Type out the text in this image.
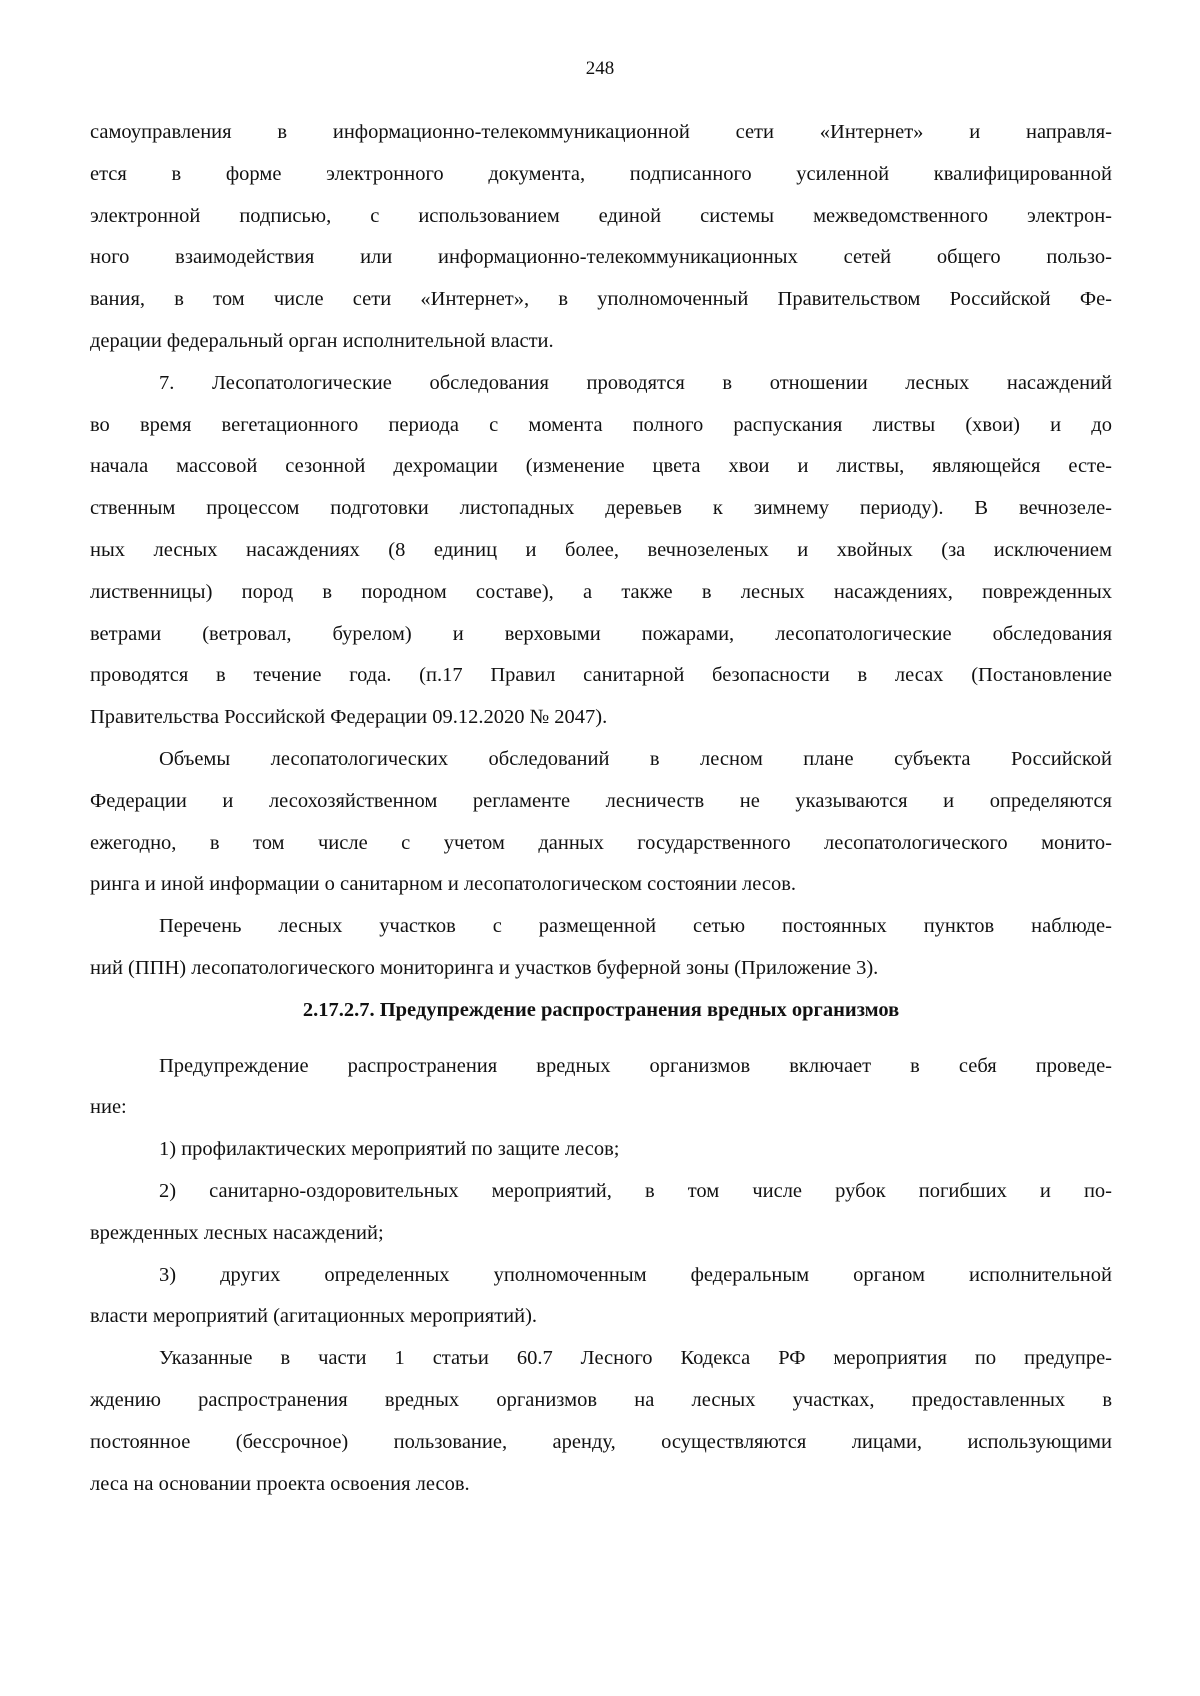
248
самоуправления в информационно-телекоммуникационной сети «Интернет» и направля-
ется в форме электронного документа, подписанного усиленной квалифицированной
электронной подписью, с использованием единой системы межведомственного электрон-
ного взаимодействия или информационно-телекоммуникационных сетей общего пользо-
вания, в том числе сети «Интернет», в уполномоченный Правительством Российской Фе-
дерации федеральный орган исполнительной власти.
7. Лесопатологические обследования проводятся в отношении лесных насаждений
во время вегетационного периода с момента полного распускания листвы (хвои) и до
начала массовой сезонной дехромации (изменение цвета хвои и листвы, являющейся есте-
ственным процессом подготовки листопадных деревьев к зимнему периоду). В вечнозеле-
ных лесных насаждениях (8 единиц и более, вечнозеленых и хвойных (за исключением
лиственницы) пород в породном составе), а также в лесных насаждениях, поврежденных
ветрами (ветровал, бурелом) и верховыми пожарами, лесопатологические обследования
проводятся в течение года. (п.17 Правил санитарной безопасности в лесах (Постановление
Правительства Российской Федерации 09.12.2020 № 2047).
Объемы лесопатологических обследований в лесном плане субъекта Российской
Федерации и лесохозяйственном регламенте лесничеств не указываются и определяются
ежегодно, в том числе с учетом данных государственного лесопатологического монито-
ринга и иной информации о санитарном и лесопатологическом состоянии лесов.
Перечень лесных участков с размещенной сетью постоянных пунктов наблюде-
ний (ППН) лесопатологического мониторинга и участков буферной зоны (Приложение 3).
2.17.2.7. Предупреждение распространения вредных организмов
Предупреждение распространения вредных организмов включает в себя проведе-
ние:
1) профилактических мероприятий по защите лесов;
2) санитарно-оздоровительных мероприятий, в том числе рубок погибших и по-
врежденных лесных насаждений;
3) других определенных уполномоченным федеральным органом исполнительной
власти мероприятий (агитационных мероприятий).
Указанные в части 1 статьи 60.7 Лесного Кодекса РФ мероприятия по предупре-
ждению распространения вредных организмов на лесных участках, предоставленных в
постоянное (бессрочное) пользование, аренду, осуществляются лицами, использующими
леса на основании проекта освоения лесов.
